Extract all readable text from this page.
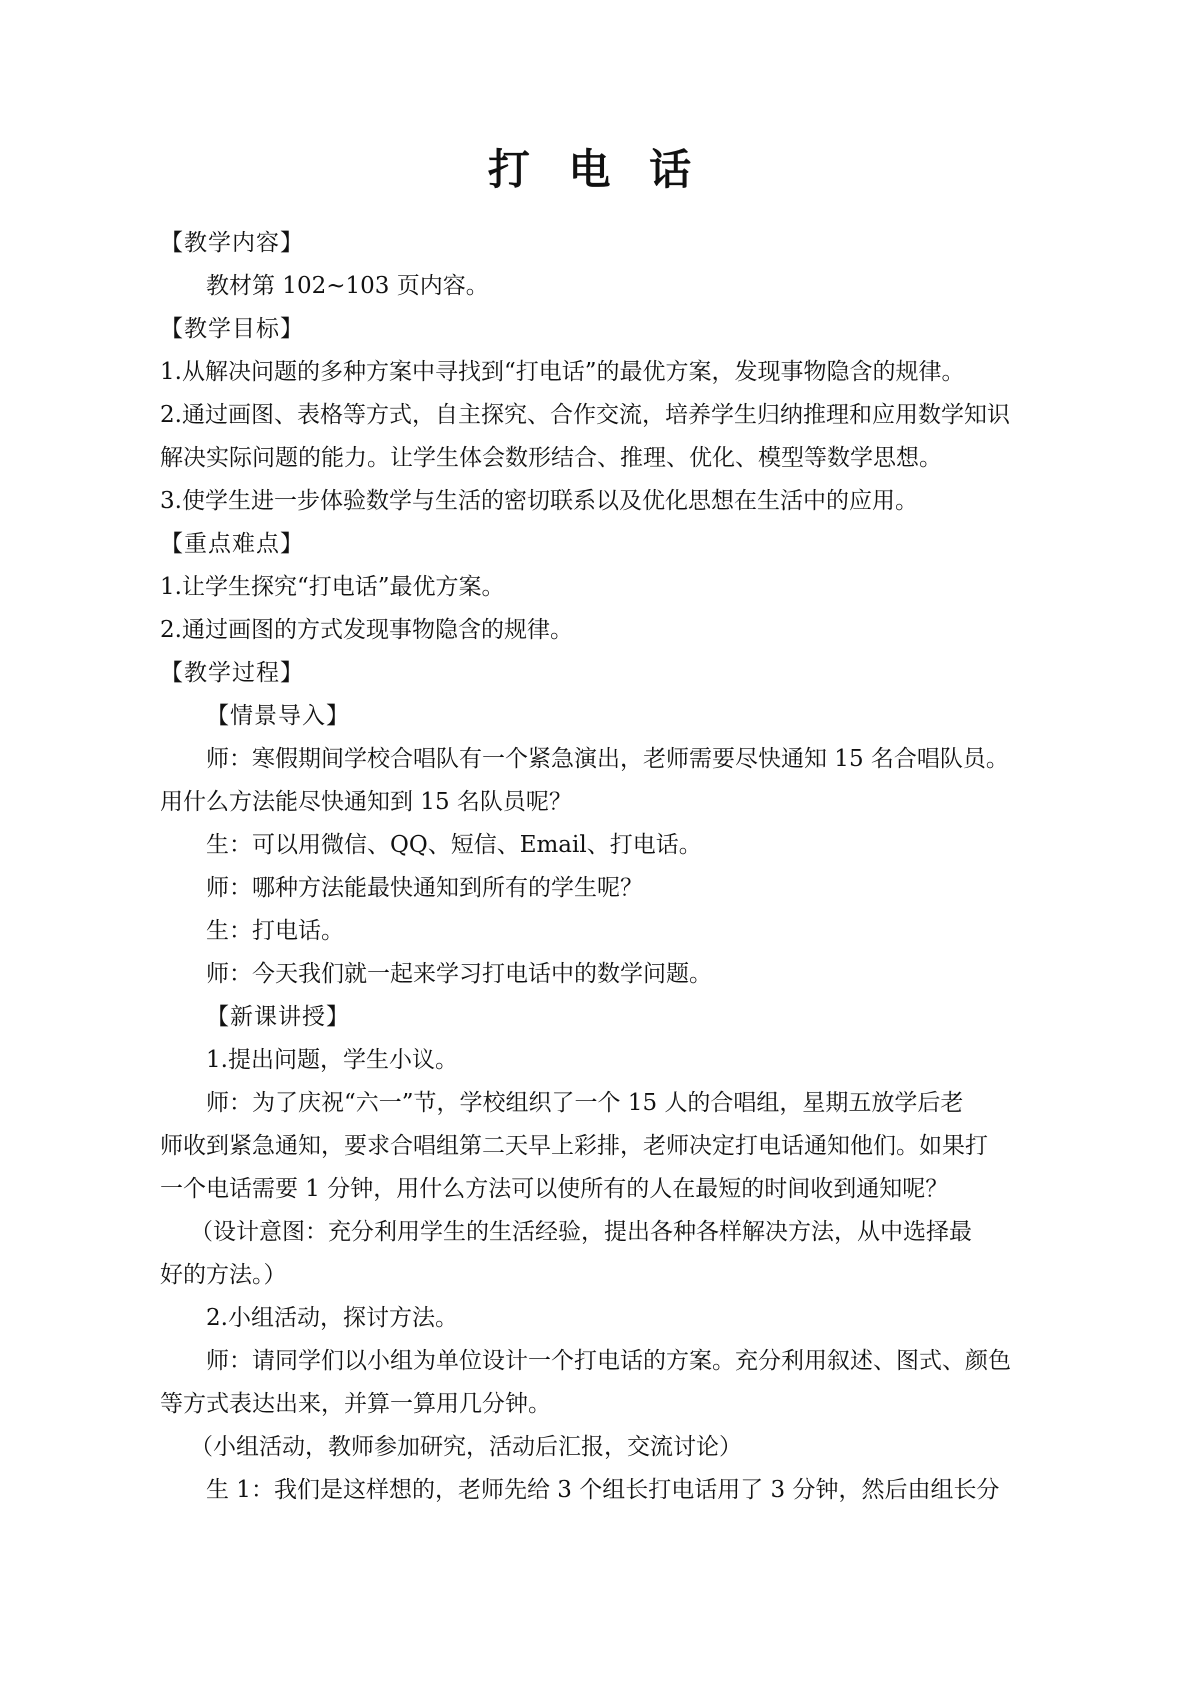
打 电 话
【教学内容】
教材第 102~103 页内容。
【教学目标】
1.从解决问题的多种方案中寻找到“打电话”的最优方案，发现事物隐含的规律。
2.通过画图、表格等方式，自主探究、合作交流，培养学生归纳推理和应用数学知识
解决实际问题的能力。让学生体会数形结合、推理、优化、模型等数学思想。
3.使学生进一步体验数学与生活的密切联系以及优化思想在生活中的应用。
【重点难点】
1.让学生探究“打电话”最优方案。
2.通过画图的方式发现事物隐含的规律。
【教学过程】
【情景导入】
师：寒假期间学校合唱队有一个紧急演出，老师需要尽快通知 15 名合唱队员。
用什么方法能尽快通知到 15 名队员呢？
生：可以用微信、QQ、短信、Email、打电话。
师：哪种方法能最快通知到所有的学生呢？
生：打电话。
师：今天我们就一起来学习打电话中的数学问题。
【新课讲授】
1.提出问题，学生小议。
师：为了庆祝“六一”节，学校组织了一个 15 人的合唱组，星期五放学后老
师收到紧急通知，要求合唱组第二天早上彩排，老师决定打电话通知他们。如果打
一个电话需要 1 分钟，用什么方法可以使所有的人在最短的时间收到通知呢？
（设计意图：充分利用学生的生活经验，提出各种各样解决方法，从中选择最
好的方法。）
2.小组活动，探讨方法。
师：请同学们以小组为单位设计一个打电话的方案。充分利用叙述、图式、颜色
等方式表达出来，并算一算用几分钟。
（小组活动，教师参加研究，活动后汇报，交流讨论）
生 1：我们是这样想的，老师先给 3 个组长打电话用了 3 分钟，然后由组长分
